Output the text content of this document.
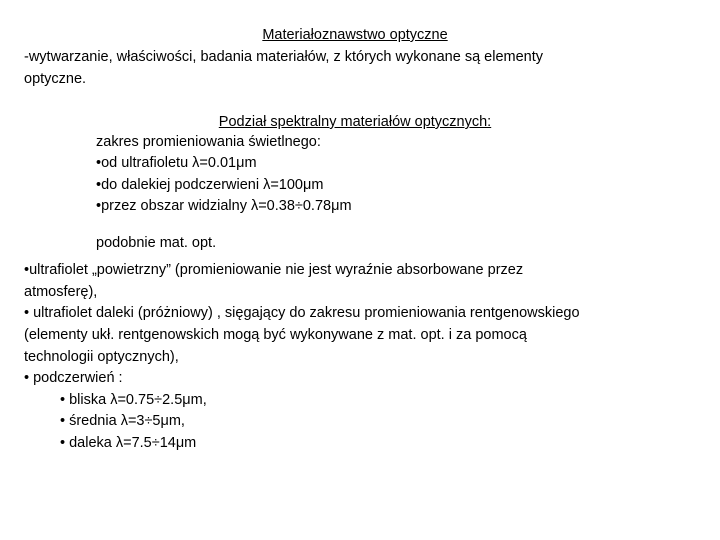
Materiałoznawstwo optyczne
-wytwarzanie, właściwości, badania materiałów, z których wykonane są elementy
optyczne.
Podział spektralny materiałów optycznych:
zakres promieniowania świetlnego:
•od ultrafioletu λ=0.01μm
•do dalekiej podczerwieni λ=100μm
•przez obszar widzialny λ=0.38÷0.78μm
podobnie mat. opt.
•ultrafiolet „powietrzny” (promieniowanie nie jest wyraźnie absorbowane przez
atmosferę),
• ultrafiolet daleki (próżniowy) , sięgający do zakresu promieniowania rentgenowskiego
(elementy ukł. rentgenowskich mogą być wykonywane z mat. opt. i za pomocą
technologii optycznych),
• podczerwień :
• bliska λ=0.75÷2.5μm,
• średnia λ=3÷5μm,
• daleka λ=7.5÷14μm
